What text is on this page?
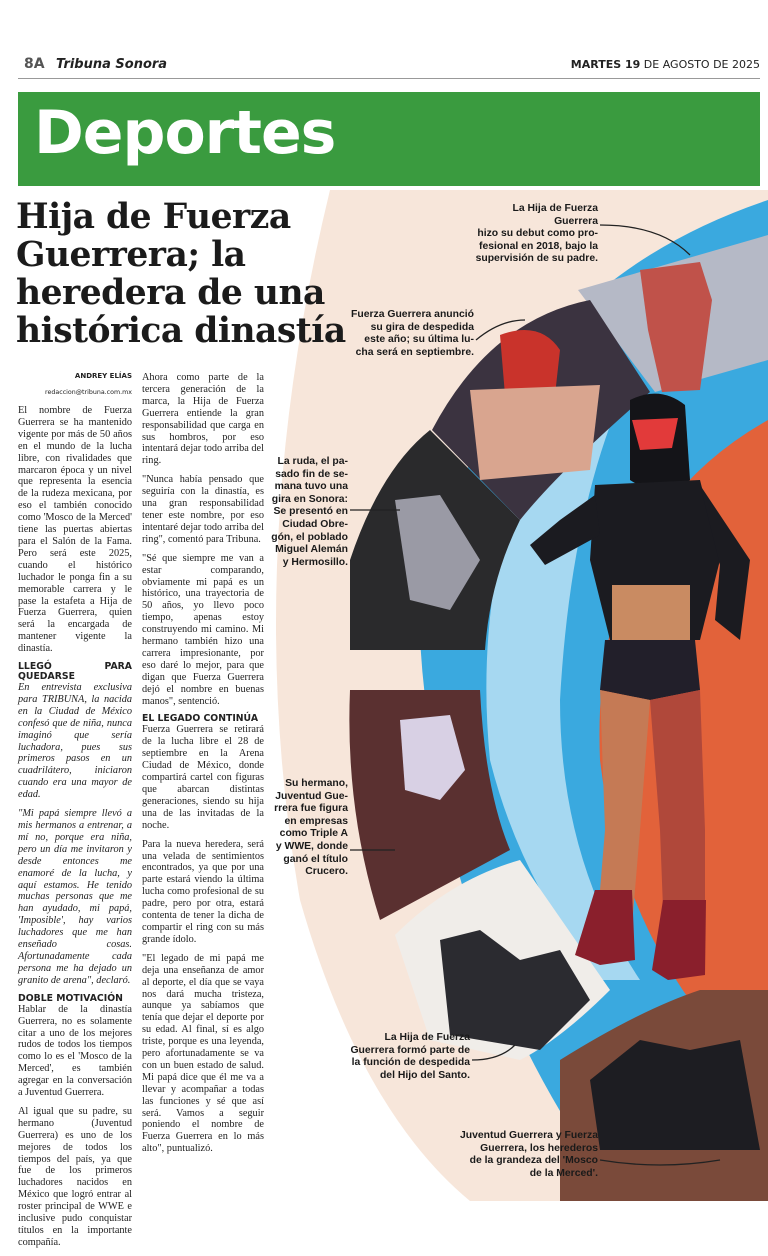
8A Tribuna Sonora	MARTES 19 DE AGOSTO DE 2025
Deportes
Hija de Fuerza
Guerrera; la
heredera de una
histórica dinastía

ANDREY ELÍAS

redaccion@tribuna.com.mx

El nombre de Fuerza Guerrera se ha mantenido vigente por más de 50 años en el mundo de la lucha libre, con rivalidades que marcaron época y un nivel que representa la esencia de la rudeza mexicana, por eso el también conocido como 'Mosco de la Merced' tiene las puertas abiertas para el Salón de la Fama. Pero será este 2025, cuando el histórico luchador le ponga fin a su memorable carrera y le pase la estafeta a Hija de Fuerza Guerrera, quien será la encargada de mantener vigente la dinastía.

LLEGÓ PARA QUEDARSE

En entrevista exclusiva para TRIBUNA, la nacida en la Ciudad de México confesó que de niña, nunca imaginó que sería luchadora, pues sus primeros pasos en un cuadrilátero, iniciaron cuando era una mayor de edad.

"Mi papá siempre llevó a mis hermanos a entrenar, a mí no, porque era niña, pero un día me invitaron y desde entonces me enamoré de la lucha, y aquí estamos. He tenido muchas personas que me han ayudado, mi papá, 'Imposible', hay varios luchadores que me han enseñado cosas. Afortunadamente cada persona me ha dejado un granito de arena", declaró.

DOBLE MOTIVACIÓN

Hablar de la dinastía Guerrera, no es solamente citar a uno de los mejores rudos de todos los tiempos como lo es el 'Mosco de la Merced', es también agregar en la conversación a Juventud Guerrera.

Al igual que su padre, su hermano (Juventud Guerrera) es uno de los mejores de todos los tiempos del país, ya que fue de los primeros luchadores nacidos en México que logró entrar al roster principal de WWE e inclusive pudo conquistar títulos en la importante compañía.

Ahora como parte de la tercera generación de la marca, la Hija de Fuerza Guerrera entiende la gran responsabilidad que carga en sus hombros, por eso intentará dejar todo arriba del ring.

"Nunca había pensado que seguiría con la dinastía, es una gran responsabilidad tener este nombre, por eso intentaré dejar todo arriba del ring", comentó para Tribuna.

"Sé que siempre me van a estar comparando, obviamente mi papá es un histórico, una trayectoria de 50 años, yo llevo poco tiempo, apenas estoy construyendo mi camino. Mi hermano también hizo una carrera impresionante, por eso daré lo mejor, para que digan que Fuerza Guerrera dejó el nombre en buenas manos", sentenció.

EL LEGADO CONTINÚA

Fuerza Guerrera se retirará de la lucha libre el 28 de septiembre en la Arena Ciudad de México, donde compartirá cartel con figuras que abarcan distintas generaciones, siendo su hija una de las invitadas de la noche.

Para la nueva heredera, será una velada de sentimientos encontrados, ya que por una parte estará viendo la última lucha como profesional de su padre, pero por otra, estará contenta de tener la dicha de compartir el ring con su más grande ídolo.

"El legado de mi papá me deja una enseñanza de amor al deporte, el día que se vaya nos dará mucha tristeza, aunque ya sabíamos que tenía que dejar el deporte por su edad. Al final, sí es algo triste, porque es una leyenda, pero afortunadamente se va con un buen estado de salud. Mi papá dice que él me va a llevar y acompañar a todas las funciones y sé que así será. Vamos a seguir poniendo el nombre de Fuerza Guerrera en lo más alto", puntualizó.

La Hija de Fuerza
Guerrera
hizo su debut como pro-
fesional en 2018, bajo la
supervisión de su padre.
Fuerza Guerrera anunció
su gira de despedida
este año; su última lu-
cha será en septiembre.
La ruda, el pa-
sado fin de se-
mana tuvo una
gira en Sonora:
Se presentó en
Ciudad Obre-
gón, el poblado
Miguel Alemán
y Hermosillo.
Su hermano,
Juventud Gue-
rrera fue figura
en empresas
como Triple A
y WWE, donde
ganó el título
Crucero.
La Hija de Fuerza
Guerrera formó parte de
la función de despedida
del Hijo del Santo.
Juventud Guerrera y Fuerza
Guerrera, los herederos
de la grandeza del 'Mosco
de la Merced'.
